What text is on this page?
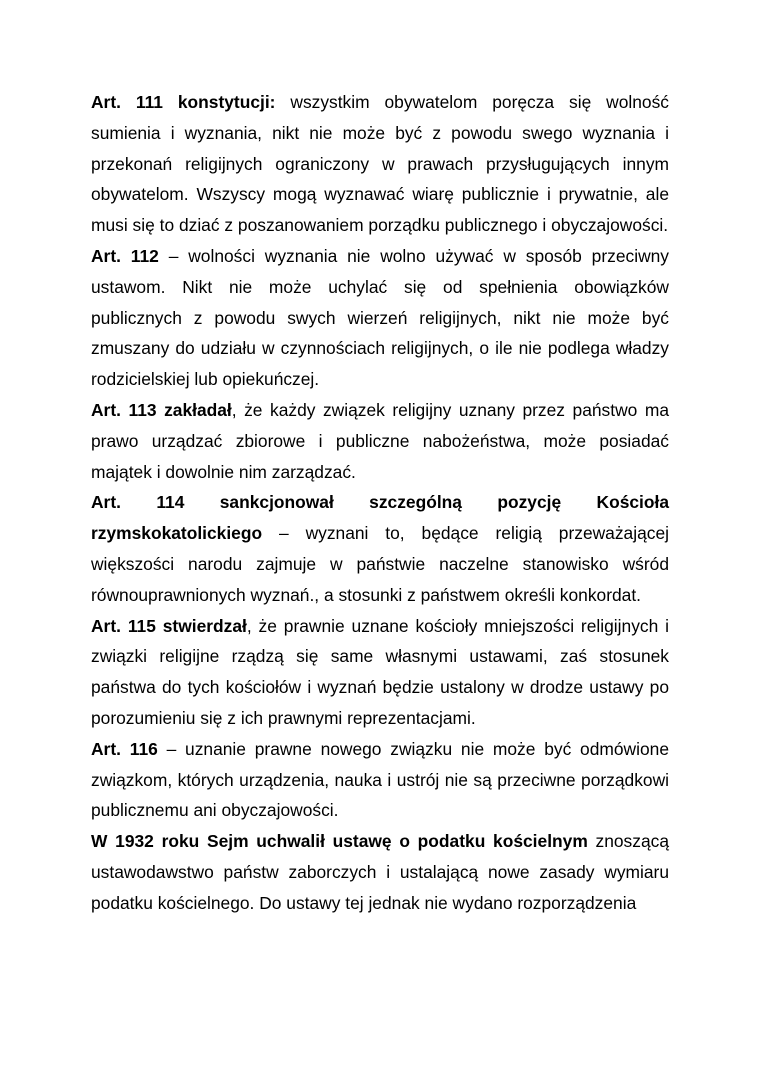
Art. 111 konstytucji: wszystkim obywatelom poręcza się wolność sumienia i wyznania, nikt nie może być z powodu swego wyznania i przekonań religijnych ograniczony w prawach przysługujących innym obywatelom. Wszyscy mogą wyznawać wiarę publicznie i prywatnie, ale musi się to dziać z poszanowaniem porządku publicznego i obyczajowości.

Art. 112 – wolności wyznania nie wolno używać w sposób przeciwny ustawom. Nikt nie może uchylać się od spełnienia obowiązków publicznych z powodu swych wierzeń religijnych, nikt nie może być zmuszany do udziału w czynnościach religijnych, o ile nie podlega władzy rodzicielskiej lub opiekuńczej.

Art. 113 zakładał, że każdy związek religijny uznany przez państwo ma prawo urządzać zbiorowe i publiczne nabożeństwa, może posiadać majątek i dowolnie nim zarządzać.

Art. 114 sankcjonował szczególną pozycję Kościoła rzymskokatolickiego – wyznani to, będące religią przeważającej większości narodu zajmuje w państwie naczelne stanowisko wśród równouprawnionych wyznań., a stosunki z państwem określi konkordat.

Art. 115 stwierdzał, że prawnie uznane kościoły mniejszości religijnych i związki religijne rządzą się same własnymi ustawami, zaś stosunek państwa do tych kościołów i wyznań będzie ustalony w drodze ustawy po porozumieniu się z ich prawnymi reprezentacjami.

Art. 116 – uznanie prawne nowego związku nie może być odmówione związkom, których urządzenia, nauka i ustrój nie są przeciwne porządkowi publicznemu ani obyczajowości.

W 1932 roku Sejm uchwalił ustawę o podatku kościelnym znoszącą ustawodawstwo państw zaborczych i ustalającą nowe zasady wymiaru podatku kościelnego. Do ustawy tej jednak nie wydano rozporządzenia
